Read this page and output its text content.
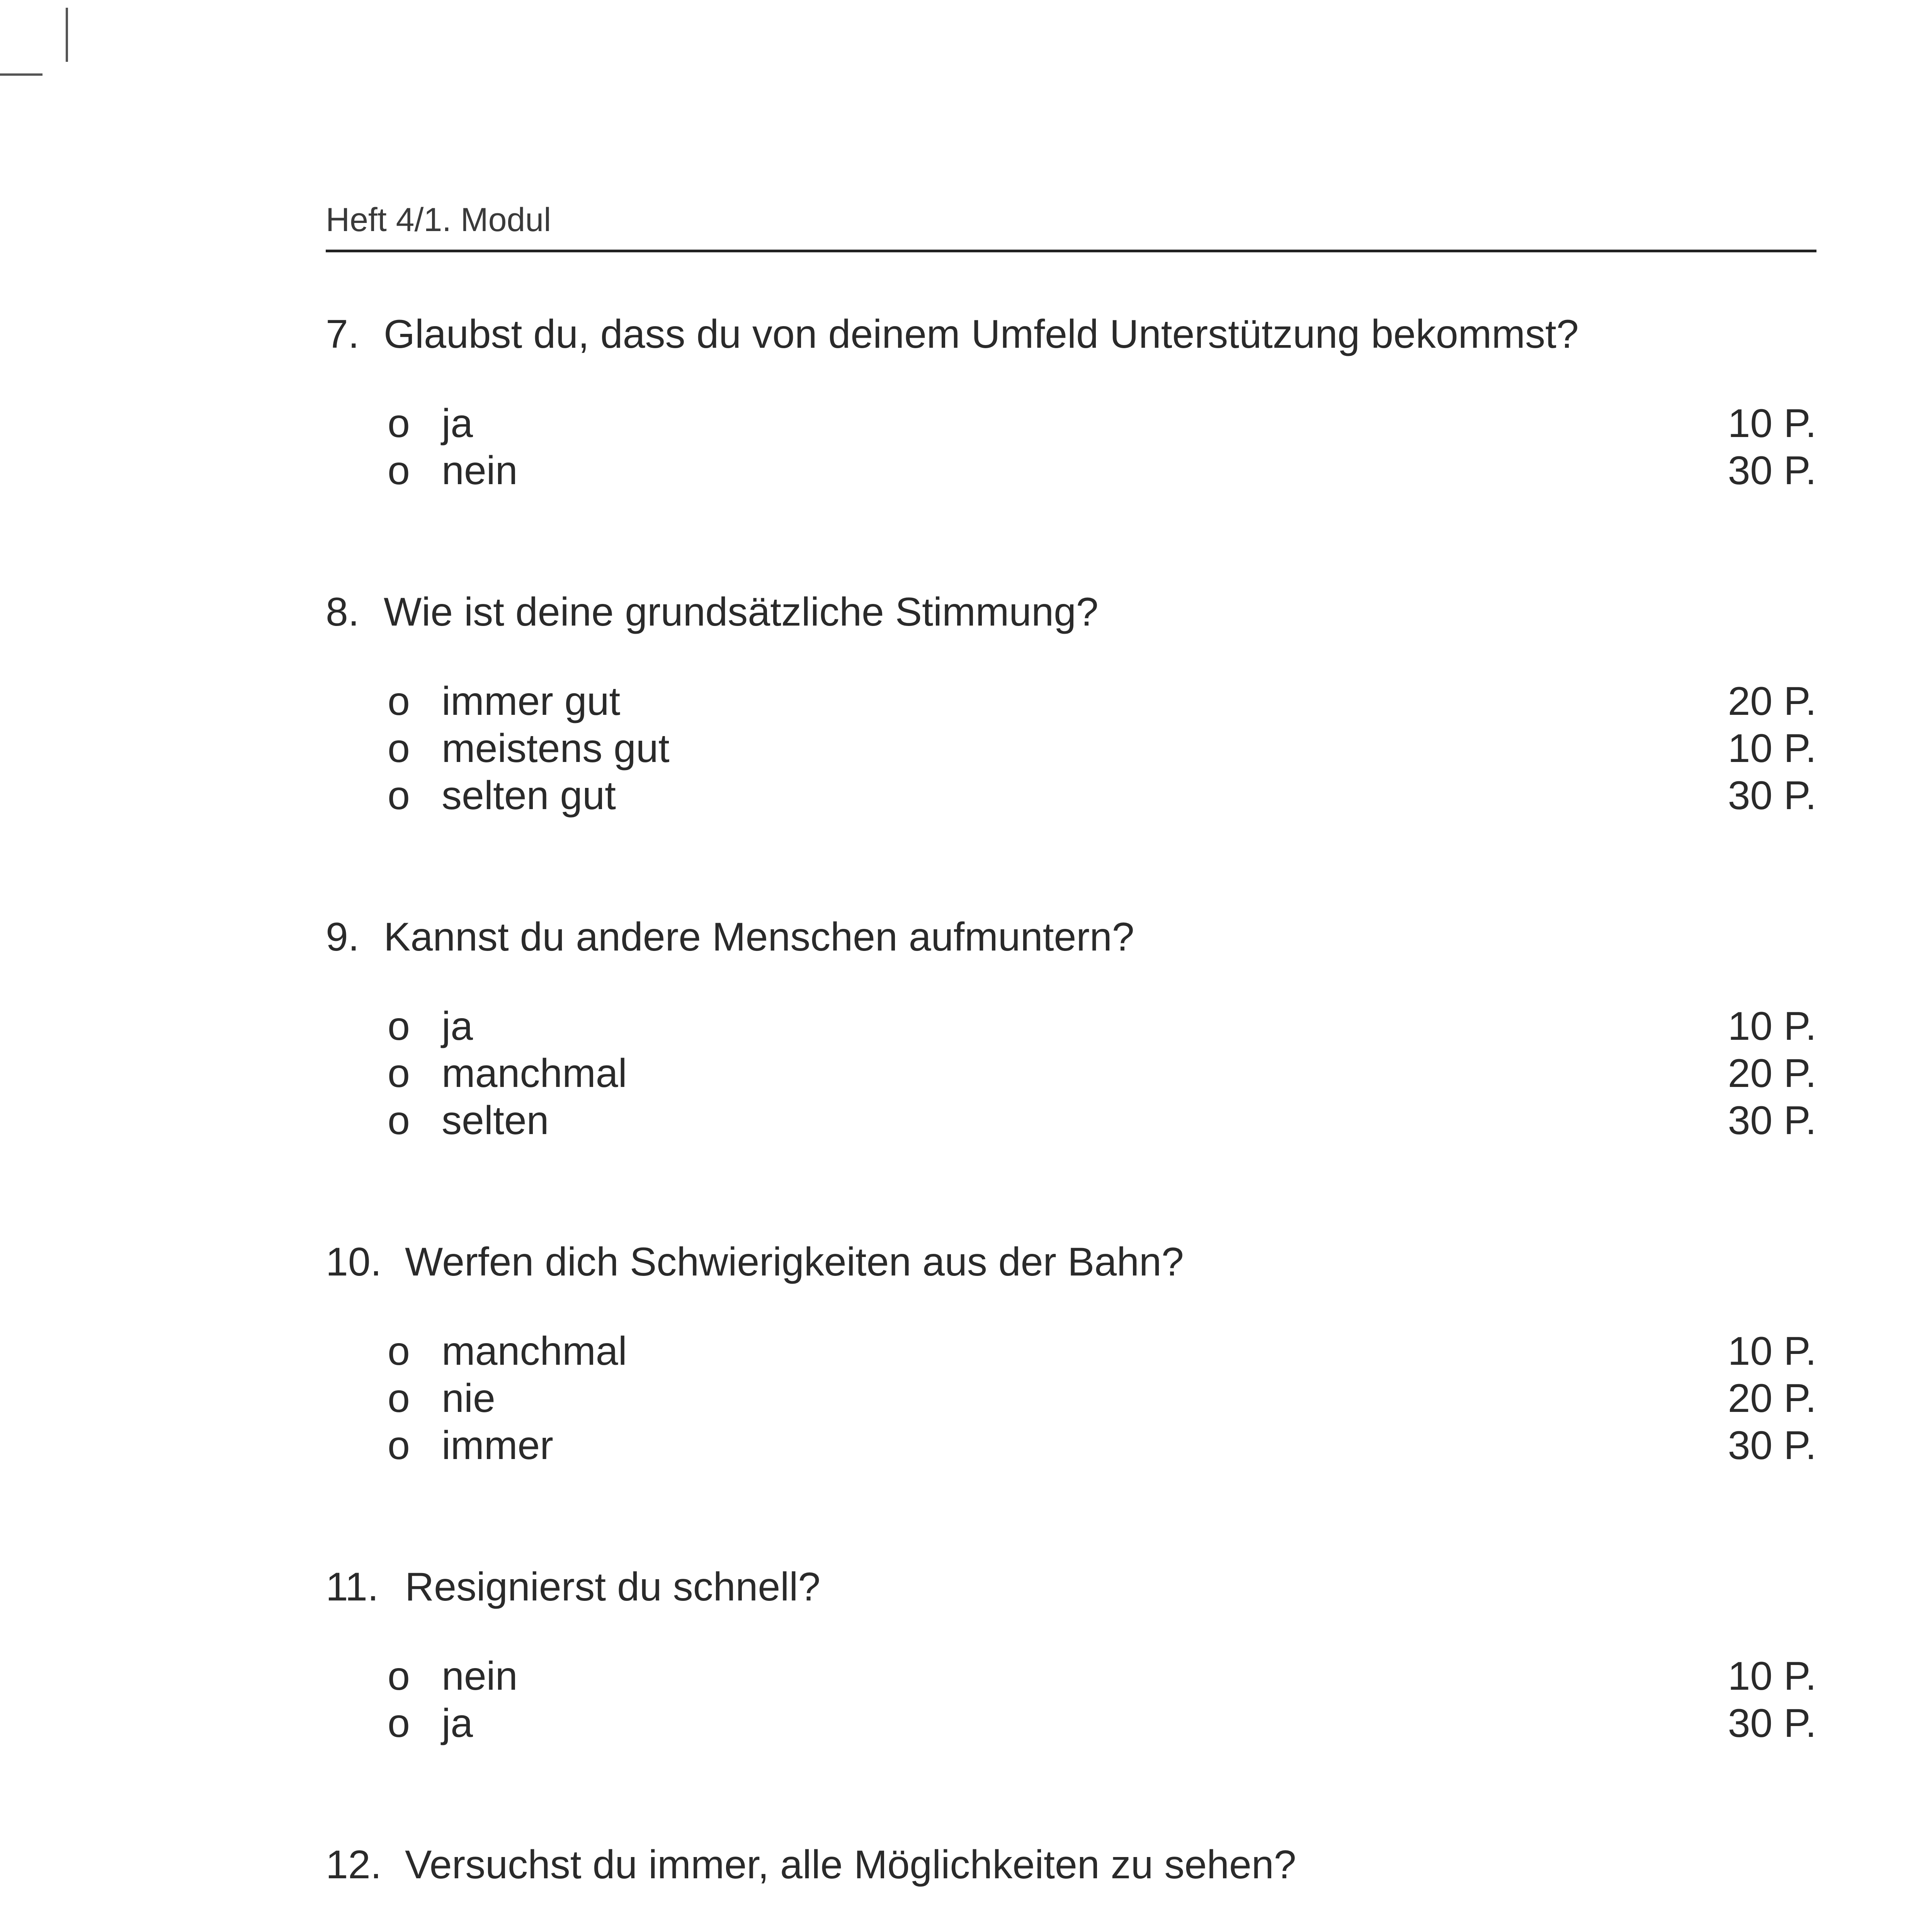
Heft 4/1. Modul
7. Glaubst du, dass du von deinem Umfeld Unterstützung bekommst?
o ja	10 P.
o nein	30 P.
8. Wie ist deine grundsätzliche Stimmung?
o immer gut	20 P.
o meistens gut	10 P.
o selten gut	30 P.
9. Kannst du andere Menschen aufmuntern?
o ja	10 P.
o manchmal	20 P.
o selten	30 P.
10. Werfen dich Schwierigkeiten aus der Bahn?
o manchmal	10 P.
o nie	20 P.
o immer	30 P.
11. Resignierst du schnell?
o nein	10 P.
o ja	30 P.
12. Versuchst du immer, alle Möglichkeiten zu sehen?
